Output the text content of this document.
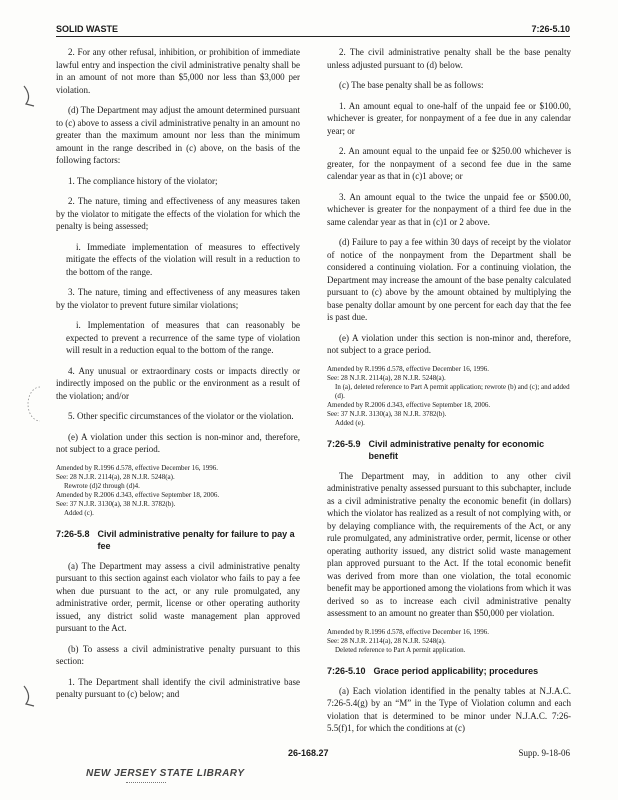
SOLID WASTE	7:26-5.10

2. For any other refusal, inhibition, or prohibition of immediate lawful entry and inspection the civil administrative penalty shall be in an amount of not more than $5,000 nor less than $3,000 per violation.

(d) The Department may adjust the amount determined pursuant to (c) above to assess a civil administrative penalty in an amount no greater than the maximum amount nor less than the minimum amount in the range described in (c) above, on the basis of the following factors:

1. The compliance history of the violator;

2. The nature, timing and effectiveness of any measures taken by the violator to mitigate the effects of the violation for which the penalty is being assessed;

i. Immediate implementation of measures to effectively mitigate the effects of the violation will result in a reduction to the bottom of the range.

3. The nature, timing and effectiveness of any measures taken by the violator to prevent future similar violations;

i. Implementation of measures that can reasonably be expected to prevent a recurrence of the same type of violation will result in a reduction equal to the bottom of the range.

4. Any unusual or extraordinary costs or impacts directly or indirectly imposed on the public or the environment as a result of the violation; and/or

5. Other specific circumstances of the violator or the violation.

(e) A violation under this section is non-minor and, therefore, not subject to a grace period.

Amended by R.1996 d.578, effective December 16, 1996.
See: 28 N.J.R. 2114(a), 28 N.J.R. 5248(a).
Rewrote (d)2 through (d)4.
Amended by R.2006 d.343, effective September 18, 2006.
See: 37 N.J.R. 3130(a), 38 N.J.R. 3782(b).
Added (c).
7:26-5.8 Civil administrative penalty for failure to pay a fee

(a) The Department may assess a civil administrative penalty pursuant to this section against each violator who fails to pay a fee when due pursuant to the act, or any rule promulgated, any administrative order, permit, license or other operating authority issued, any district solid waste management plan approved pursuant to the Act.

(b) To assess a civil administrative penalty pursuant to this section:

1. The Department shall identify the civil administrative base penalty pursuant to (c) below; and

2. The civil administrative penalty shall be the base penalty unless adjusted pursuant to (d) below.

(c) The base penalty shall be as follows:

1. An amount equal to one-half of the unpaid fee or $100.00, whichever is greater, for nonpayment of a fee due in any calendar year; or

2. An amount equal to the unpaid fee or $250.00 whichever is greater, for the nonpayment of a second fee due in the same calendar year as that in (c)1 above; or

3. An amount equal to the twice the unpaid fee or $500.00, whichever is greater for the nonpayment of a third fee due in the same calendar year as that in (c)1 or 2 above.

(d) Failure to pay a fee within 30 days of receipt by the violator of notice of the nonpayment from the Department shall be considered a continuing violation. For a continuing violation, the Department may increase the amount of the base penalty calculated pursuant to (c) above by the amount obtained by multiplying the base penalty dollar amount by one percent for each day that the fee is past due.

(e) A violation under this section is non-minor and, therefore, not subject to a grace period.

Amended by R.1996 d.578, effective December 16, 1996.
See: 28 N.J.R. 2114(a), 28 N.J.R. 5248(a).
In (a), deleted reference to Part A permit application; rewrote (b) and (c); and added (d).
Amended by R.2006 d.343, effective September 18, 2006.
See: 37 N.J.R. 3130(a), 38 N.J.R. 3782(b).
Added (e).
7:26-5.9 Civil administrative penalty for economic benefit

The Department may, in addition to any other civil administrative penalty assessed pursuant to this subchapter, include as a civil administrative penalty the economic benefit (in dollars) which the violator has realized as a result of not complying with, or by delaying compliance with, the requirements of the Act, or any rule promulgated, any administrative order, permit, license or other operating authority issued, any district solid waste management plan approved pursuant to the Act. If the total economic benefit was derived from more than one violation, the total economic benefit may be apportioned among the violations from which it was derived so as to increase each civil administrative penalty assessment to an amount no greater than $50,000 per violation.

Amended by R.1996 d.578, effective December 16, 1996.
See: 28 N.J.R. 2114(a), 28 N.J.R. 5248(a).
Deleted reference to Part A permit application.
7:26-5.10 Grace period applicability; procedures

(a) Each violation identified in the penalty tables at N.J.A.C. 7:26-5.4(g) by an “M” in the Type of Violation column and each violation that is determined to be minor under N.J.A.C. 7:26-5.5(f)1, for which the conditions at (c)

26-168.27	Supp. 9-18-06
NEW JERSEY STATE LIBRARY
